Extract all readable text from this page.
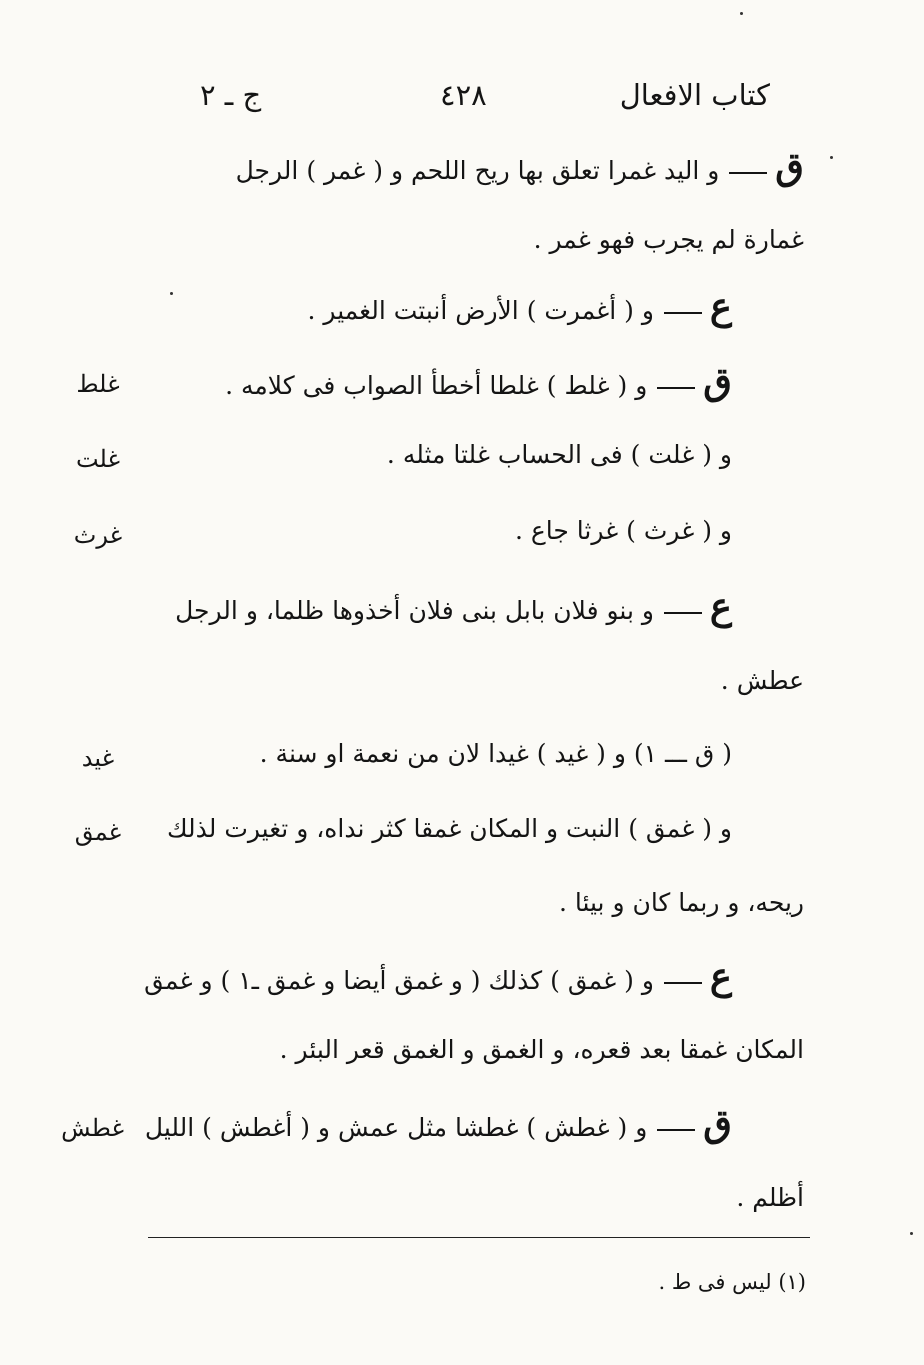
كتاب الافعال
٤٢٨
ج ـ ٢
قو اليد غمرا تعلق بها ريح اللحم و ( غمر ) الرجل
غمارة لم يجرب فهو غمر .
عو ( أغمرت ) الأرض أنبتت الغمير .
قو ( غلط ) غلطا أخطأ الصواب فى كلامه .
و ( غلت ) فى الحساب غلتا مثله .
و ( غرث ) غرثا جاع .
عو بنو فلان بابل بنى فلان أخذوها ظلما، و الرجل
عطش .
( ق ـــ ١) و ( غيد ) غيدا لان من نعمة او سنة .
و ( غمق ) النبت و المكان غمقا كثر نداه، و تغيرت لذلك
ريحه، و ربما كان و بيئا .
عو ( غمق ) كذلك ( و غمق أيضا و غمق ـ١ ) و غمق
المكان غمقا بعد قعره، و الغمق و الغمق قعر البئر .
قو ( غطش ) غطشا مثل عمش و ( أغطش ) الليل
أظلم .
غلط
غلت
غرث
غيد
غمق
غطش
(١) ليس فى ط .
